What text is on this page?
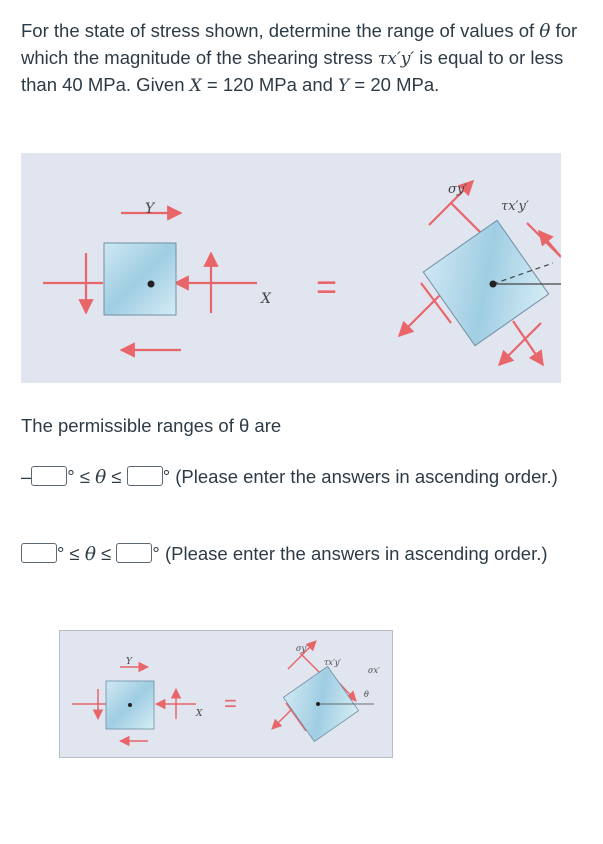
For the state of stress shown, determine the range of values of θ for which the magnitude of the shearing stress τx′y′ is equal to or less than 40 MPa. Given X = 120 MPa and Y = 20 MPa.

Y
X =
σy′
τx′y′

The permissible ranges of θ are

– ° ≤ θ ≤ ° (Please enter the answers in ascending order.)
° ≤ θ ≤ ° (Please enter the answers in ascending order.)
=
Y
X
σy′
τx′y′
σx′
θ
